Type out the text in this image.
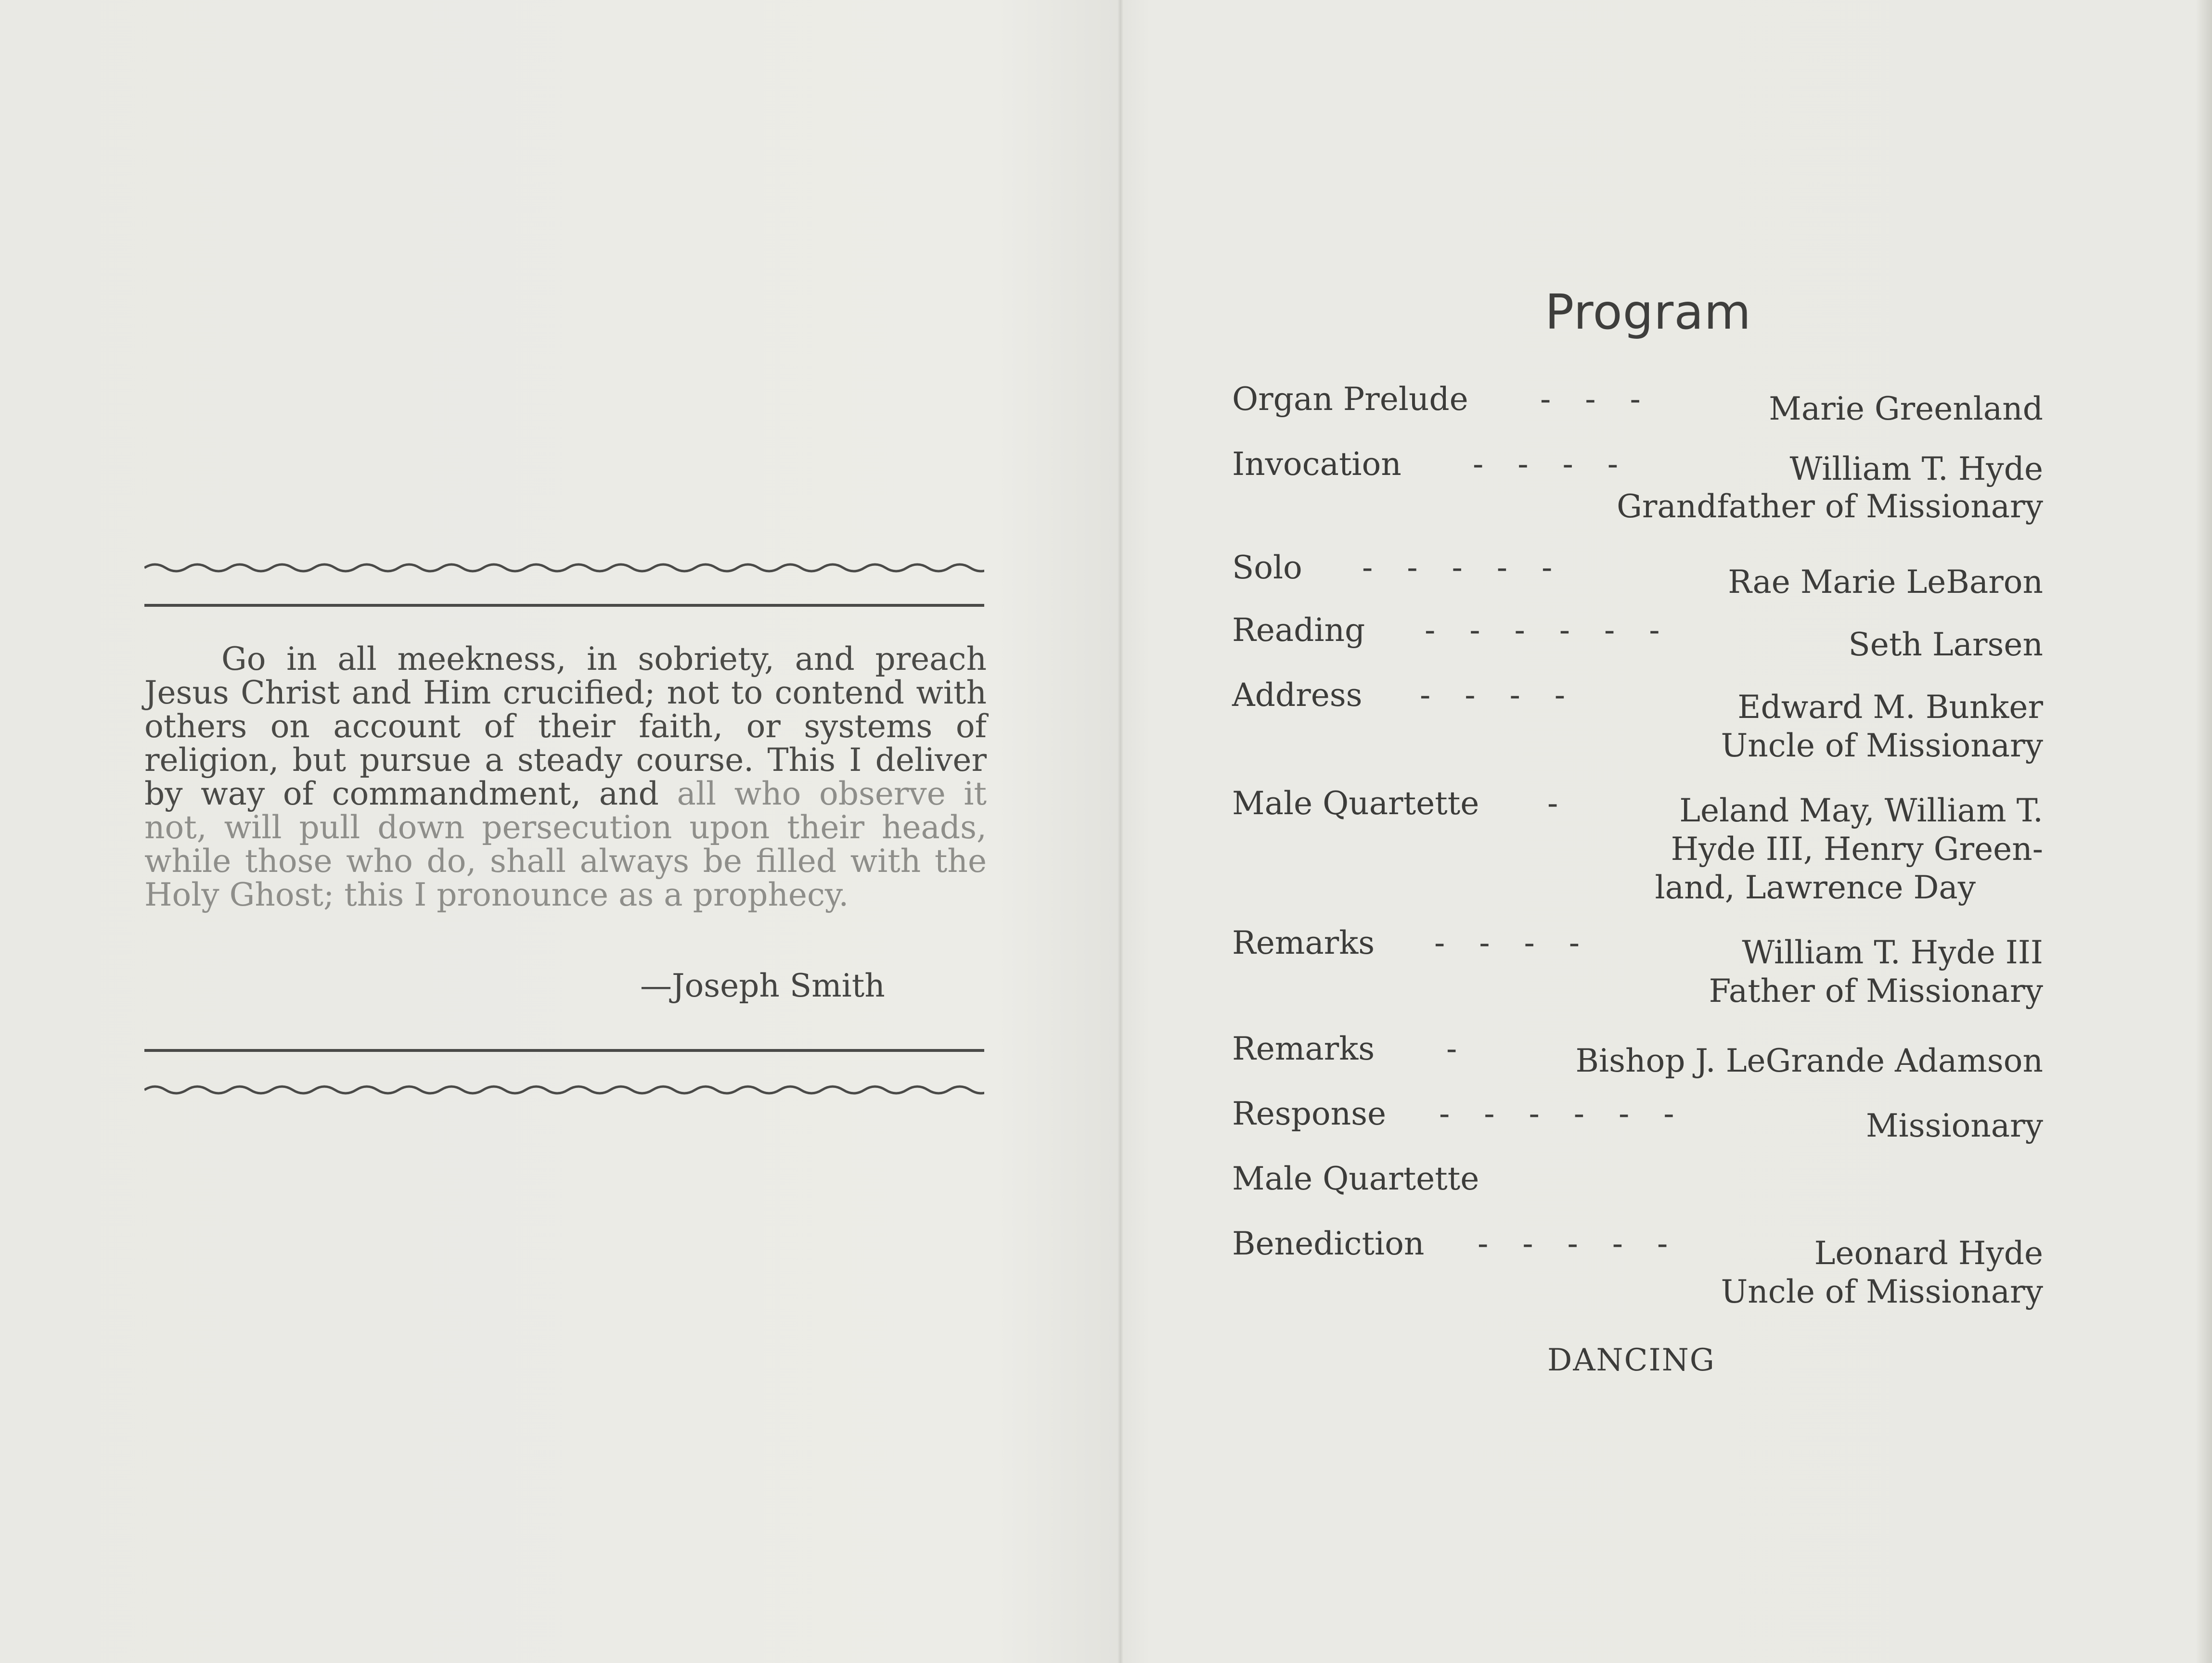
Go in all meekness, in sobriety, and preach Jesus Christ and Him crucified; not to contend with others on account of their faith, or systems of religion, but pursue a steady course. This I deliver by way of commandment, and all who observe it not, will pull down persecution upon their heads, while those who do, shall always be filled with the Holy Ghost; this I pronounce as a prophecy.
—Joseph Smith
Program
Organ Prelude -   -   -	Marie Greenland
Invocation -   -   -   -	William T. Hyde
Grandfather of Missionary
Solo -   -   -   -   -	Rae Marie LeBaron
Reading -   -   -   -   -   -	Seth Larsen
Address -   -   -   -	Edward M. Bunker
Uncle of Missionary
Male Quartette -	Leland May, William T.
Hyde III, Henry Green-
land, Lawrence Day
Remarks -   -   -   -	William T. Hyde III
Father of Missionary
Remarks -	Bishop J. LeGrande Adamson
Response -   -   -   -   -   -	Missionary
Male Quartette
Benediction -   -   -   -   -	Leonard Hyde
Uncle of Missionary
DANCING
